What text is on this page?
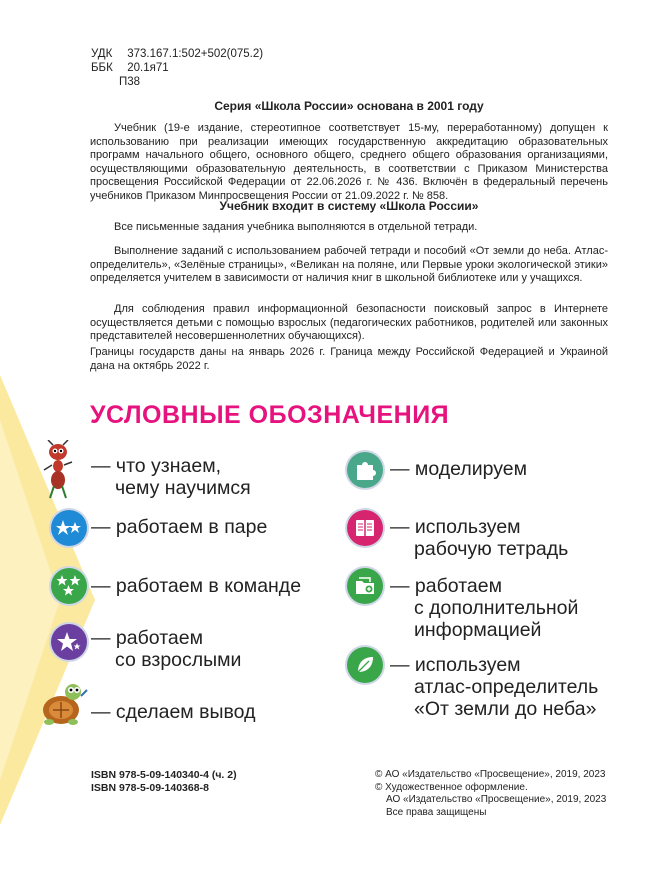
УДК 373.167.1:502+502(075.2)
ББК 20.1я71
П38
Серия «Школа России» основана в 2001 году
Учебник (19-е издание, стереотипное соответствует 15-му, переработанному) допущен к использованию при реализации имеющих государственную аккредитацию образовательных программ начального общего, основного общего, среднего общего образования организациями, осуществляющими образовательную деятельность, в соответствии с Приказом Министерства просвещения Российской Федерации от 22.06.2026 г. № 436. Включён в федеральный перечень учебников Приказом Минпросвещения России от 21.09.2022 г. № 858.
Учебник входит в систему «Школа России»
Все письменные задания учебника выполняются в отдельной тетради.
Выполнение заданий с использованием рабочей тетради и пособий «От земли до неба. Атлас-определитель», «Зелёные страницы», «Великан на поляне, или Первые уроки экологической этики» определяется учителем в зависимости от наличия книг в школьной библиотеке или у учащихся.
Для соблюдения правил информационной безопасности поисковый запрос в Интернете осуществляется детьми с помощью взрослых (педагогических работников, родителей или законных представителей несовершеннолетних обучающихся).
Границы государств даны на январь 2026 г. Граница между Российской Федерацией и Украиной дана на октябрь 2022 г.
УСЛОВНЫЕ ОБОЗНАЧЕНИЯ
— что узнаем,
чему научимся
— работаем в паре
— работаем в команде
— работаем
со взрослыми
— сделаем вывод
— моделируем
— используем
рабочую тетрадь
— работаем
с дополнительной
информацией
— используем
атлас-определитель
«От земли до неба»
ISBN 978-5-09-140340-4 (ч. 2)
ISBN 978-5-09-140368-8
© АО «Издательство «Просвещение», 2019, 2023
© Художественное оформление.
АО «Издательство «Просвещение», 2019, 2023
Все права защищены
